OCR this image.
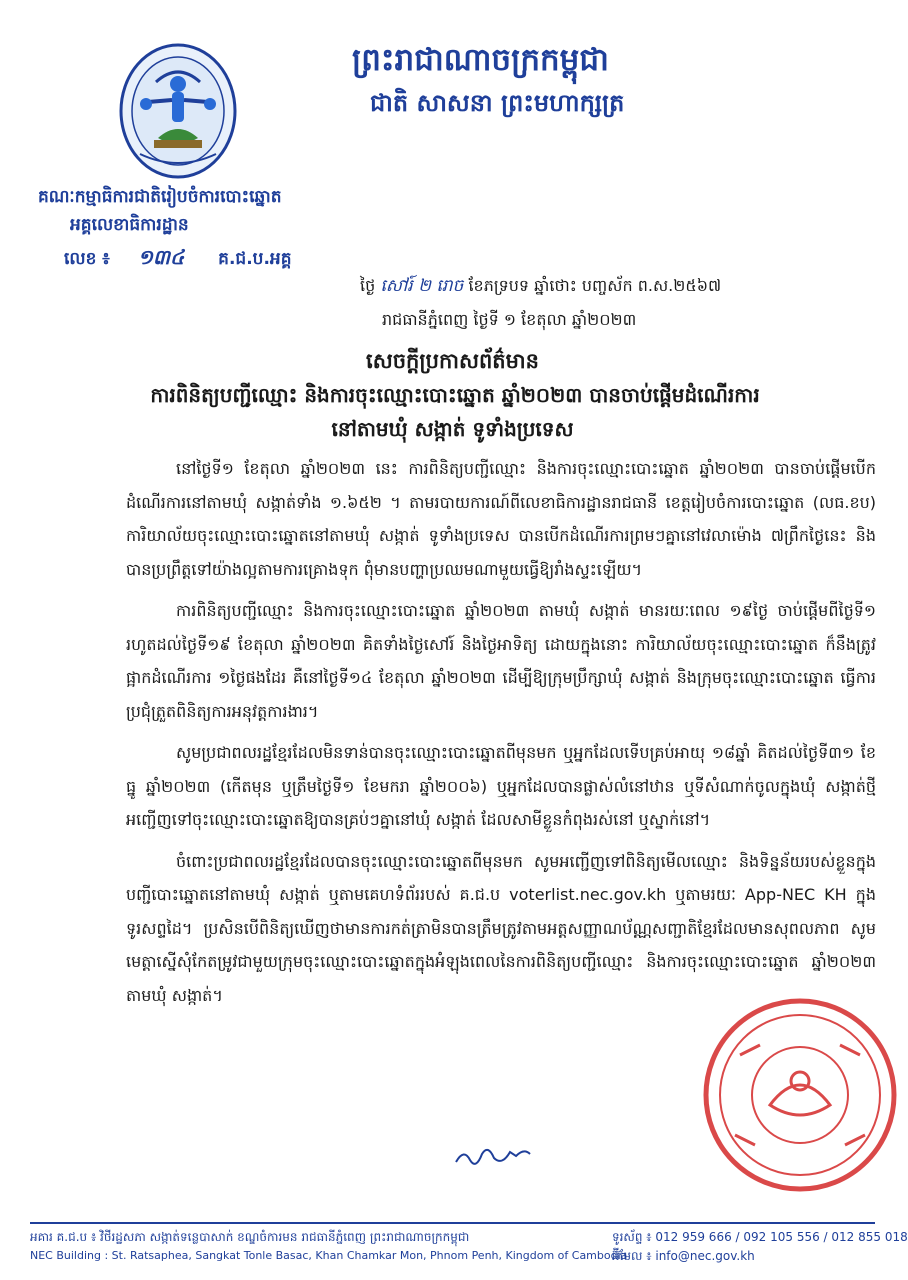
ព្រះរាជាណាចក្រកម្ពុជា
ជាតិ សាសនា ព្រះមហាក្សត្រ
គណៈកម្មាធិការជាតិរៀបចំការបោះឆ្នោត
អគ្គលេខាធិការដ្ឋាន
លេខ ៖ ១៣៤ គ.ជ.ប.អគ្គ
ថ្ងៃ សៅរ៍ ២ រោច ខែភទ្របទ ឆ្នាំថោះ បញ្ចស័ក ព.ស.២៥៦៧
រាជធានីភ្នំពេញ ថ្ងៃទី ១ ខែតុលា ឆ្នាំ២០២៣
សេចក្តីប្រកាសព័ត៌មាន
ការពិនិត្យបញ្ជីឈ្មោះ និងការចុះឈ្មោះបោះឆ្នោត ឆ្នាំ២០២៣ បានចាប់ផ្តើមដំណើរការ
នៅតាមឃុំ សង្កាត់ ទូទាំងប្រទេស

នៅថ្ងៃទី១ ខែតុលា ឆ្នាំ២០២៣ នេះ ការពិនិត្យបញ្ជីឈ្មោះ និងការចុះឈ្មោះបោះឆ្នោត ឆ្នាំ២០២៣ បានចាប់ផ្តើមបើកដំណើរការនៅតាមឃុំ សង្កាត់ទាំង ១.៦៥២ ។ តាមរបាយការណ៍ពីលេខាធិការដ្ឋានរាជធានី ខេត្តរៀបចំការបោះឆ្នោត (លធ.ខប) ការិយាល័យចុះឈ្មោះបោះឆ្នោតនៅតាមឃុំ សង្កាត់ ទូទាំងប្រទេស បានបើកដំណើរការព្រមៗគ្នានៅវេលាម៉ោង ៧ព្រឹកថ្ងៃនេះ និងបានប្រព្រឹត្តទៅយ៉ាងល្អតាមការគ្រោងទុក ពុំមានបញ្ហាប្រឈមណាមួយធ្វើឱ្យរាំងស្ទះឡើយ។

ការពិនិត្យបញ្ជីឈ្មោះ និងការចុះឈ្មោះបោះឆ្នោត ឆ្នាំ២០២៣ តាមឃុំ សង្កាត់ មានរយៈពេល ១៩ថ្ងៃ ចាប់ផ្តើមពីថ្ងៃទី១ រហូតដល់ថ្ងៃទី១៩ ខែតុលា ឆ្នាំ២០២៣ គិតទាំងថ្ងៃសៅរ៍ និងថ្ងៃអាទិត្យ ដោយក្នុងនោះ ការិយាល័យចុះឈ្មោះបោះឆ្នោត ក៏នឹងត្រូវផ្អាកដំណើរការ ១ថ្ងៃផងដែរ គឺនៅថ្ងៃទី១៤ ខែតុលា ឆ្នាំ២០២៣ ដើម្បីឱ្យក្រុមប្រឹក្សាឃុំ សង្កាត់ និងក្រុមចុះឈ្មោះបោះឆ្នោត ធ្វើការប្រជុំត្រួតពិនិត្យការអនុវត្តការងារ។

សូមប្រជាពលរដ្ឋខ្មែរដែលមិនទាន់បានចុះឈ្មោះបោះឆ្នោតពីមុនមក ឬអ្នកដែលទើបគ្រប់អាយុ ១៨ឆ្នាំ គិតដល់ថ្ងៃទី៣១ ខែធ្នូ ឆ្នាំ២០២៣ (កើតមុន ឬត្រឹមថ្ងៃទី១ ខែមករា ឆ្នាំ២០០៦) ឬអ្នកដែលបានផ្លាស់លំនៅឋាន ឬទីសំណាក់ចូលក្នុងឃុំ សង្កាត់ថ្មី អញ្ជើញទៅចុះឈ្មោះបោះឆ្នោតឱ្យបានគ្រប់ៗគ្នានៅឃុំ សង្កាត់ ដែលសាមីខ្លួនកំពុងរស់នៅ ឬស្នាក់នៅ។

ចំពោះប្រជាពលរដ្ឋខ្មែរដែលបានចុះឈ្មោះបោះឆ្នោតពីមុនមក សូមអញ្ជើញទៅពិនិត្យមើលឈ្មោះ និងទិន្នន័យរបស់ខ្លួនក្នុងបញ្ជីបោះឆ្នោតនៅតាមឃុំ សង្កាត់ ឬតាមគេហទំព័ររបស់ គ.ជ.ប voterlist.nec.gov.kh ឬតាមរយៈ App-NEC KH ក្នុងទូរសព្ទដៃ។ ប្រសិនបើពិនិត្យឃើញថាមានការកត់ត្រាមិនបានត្រឹមត្រូវតាមអត្តសញ្ញាណប័ណ្ណសញ្ជាតិខ្មែរដែលមានសុពលភាព សូមមេត្តាស្នើសុំកែតម្រូវជាមួយក្រុមចុះឈ្មោះបោះឆ្នោតក្នុងអំឡុងពេលនៃការពិនិត្យបញ្ជីឈ្មោះ និងការចុះឈ្មោះបោះឆ្នោត ឆ្នាំ២០២៣ តាមឃុំ សង្កាត់។

អគារ គ.ជ.ប ៖ វិថីរដ្ឋសភា សង្កាត់ទន្លេបាសាក់ ខណ្ឌចំការមន រាជធានីភ្នំពេញ ព្រះរាជាណាចក្រកម្ពុជា
NEC Building : St. Ratsaphea, Sangkat Tonle Basac, Khan Chamkar Mon, Phnom Penh, Kingdom of Cambodia
ទូរស័ព្ទ ៖ 012 959 666 / 092 105 556 / 012 855 018
អ៊ីមែល ៖ info@nec.gov.kh
